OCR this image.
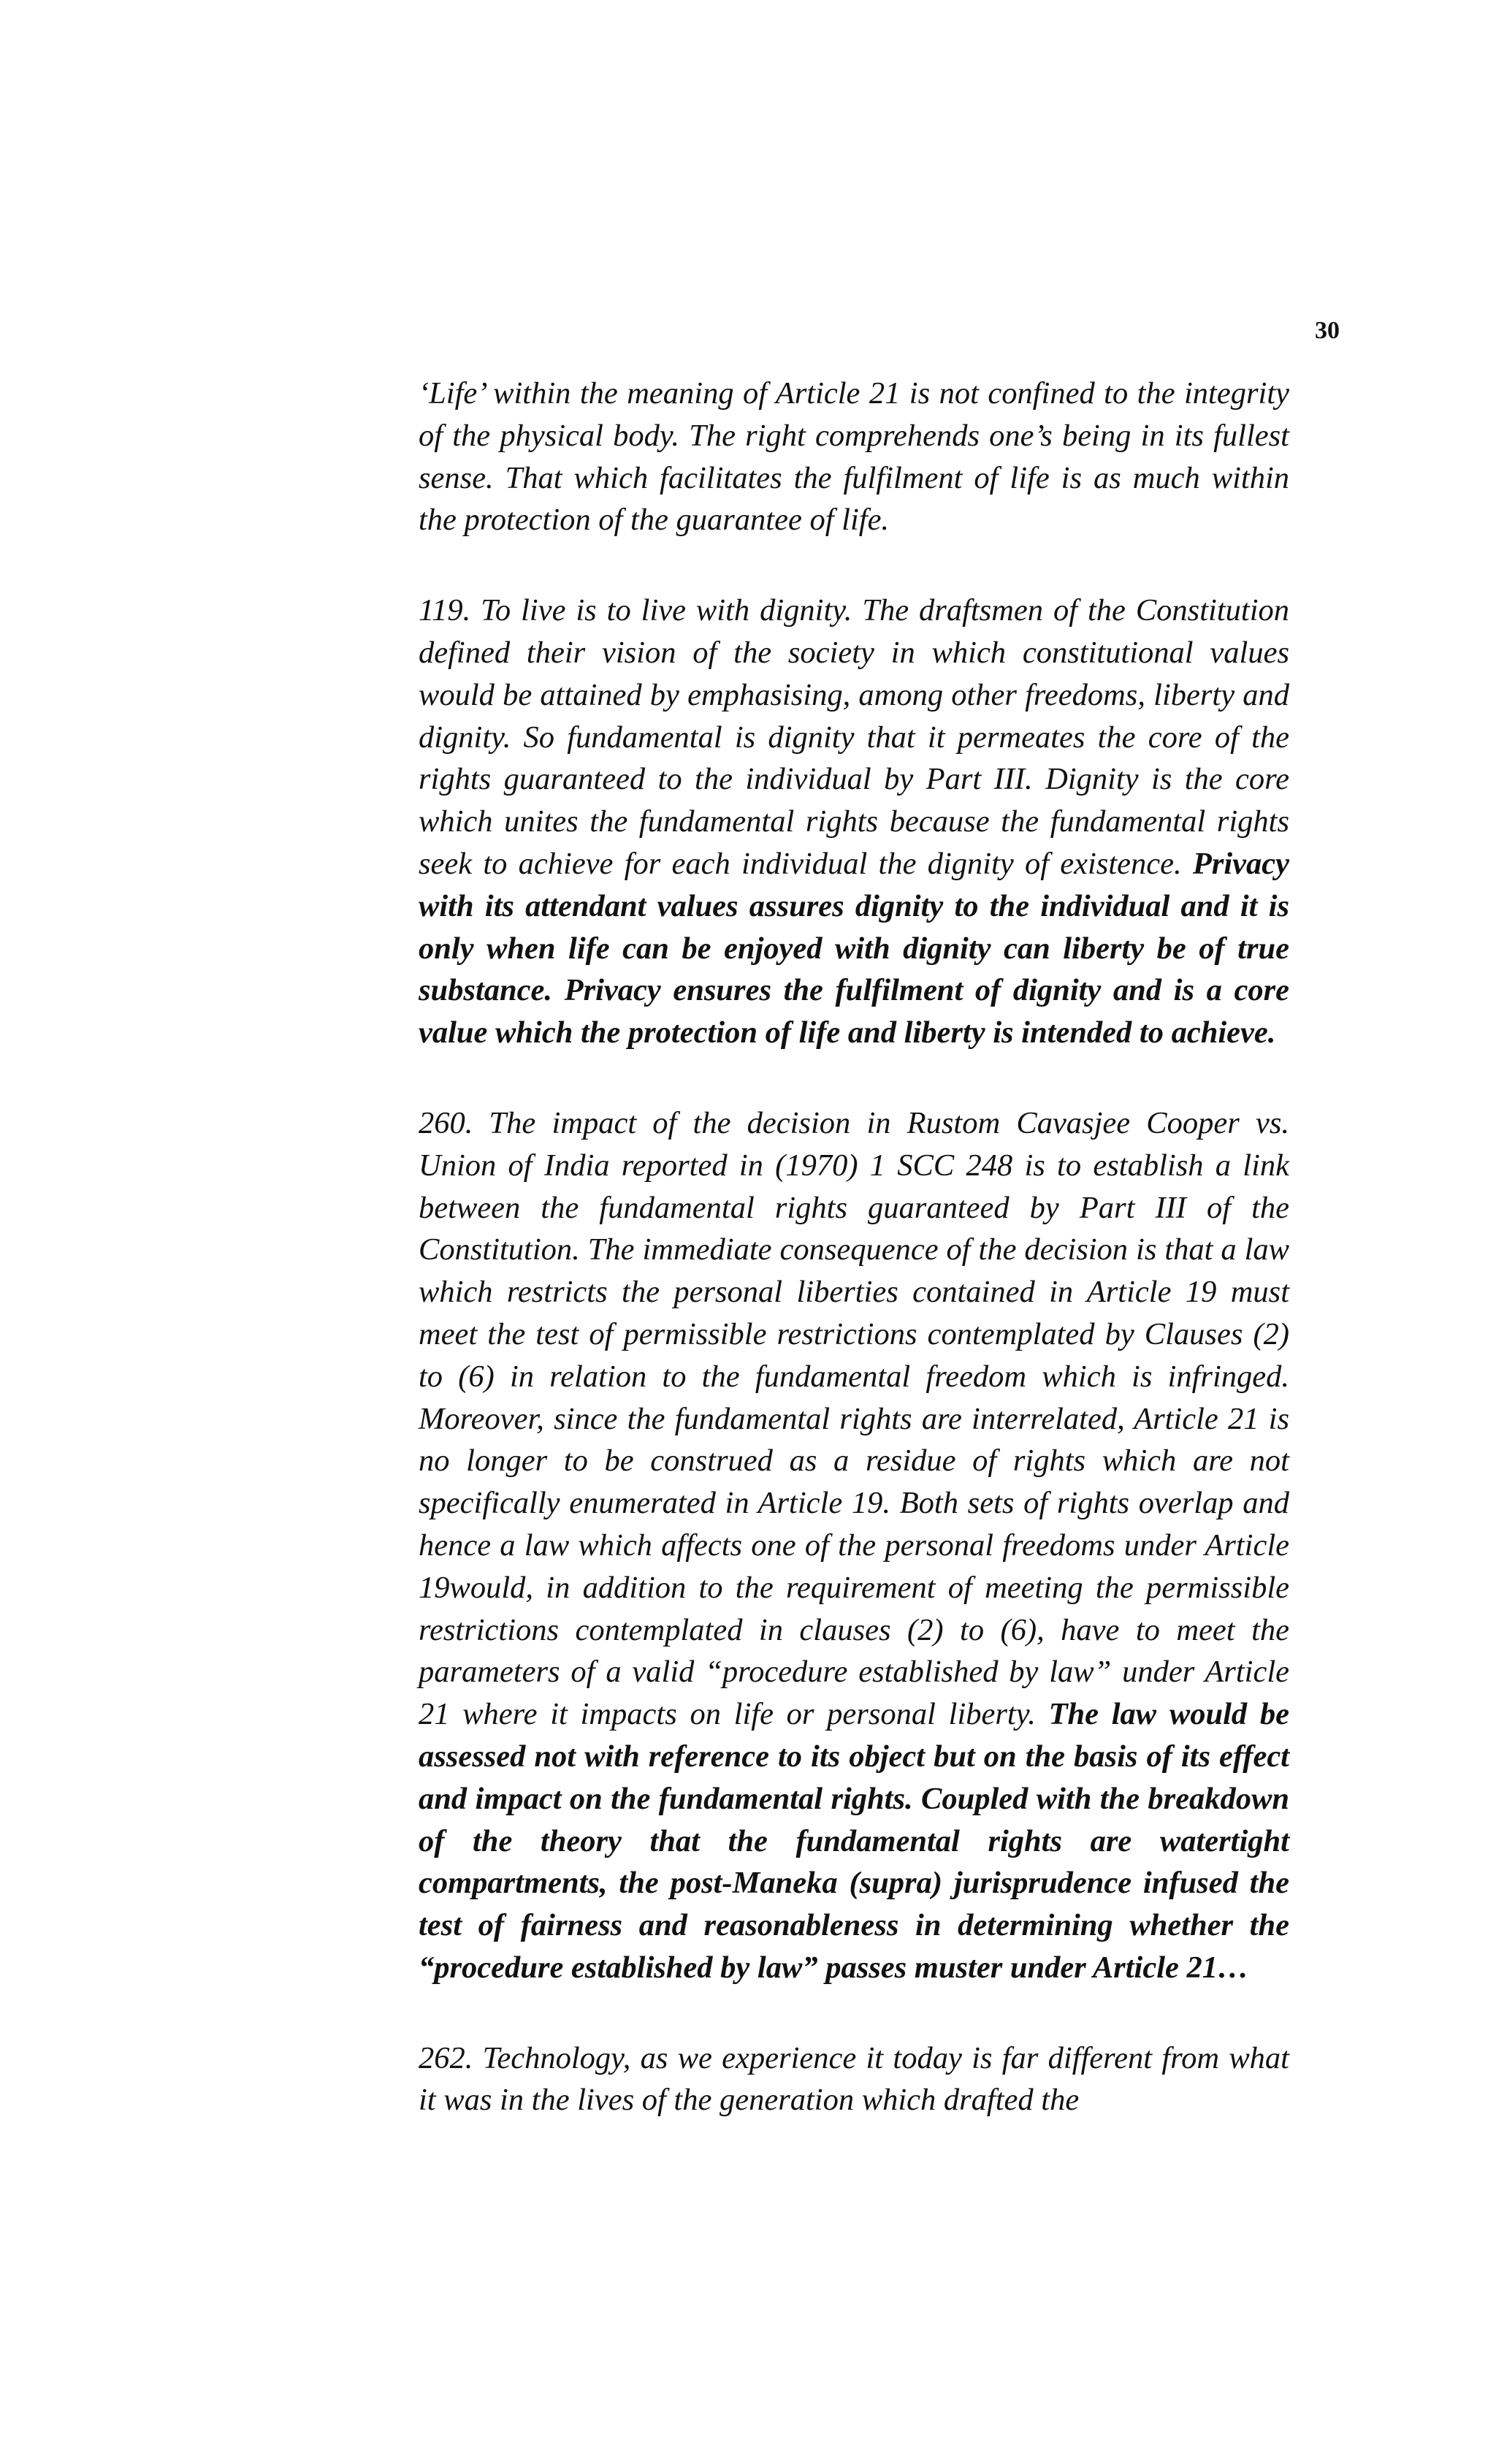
30

‘Life’ within the meaning of Article 21 is not confined to the integrity of the physical body. The right comprehends one’s being in its fullest sense. That which facilitates the fulfilment of life is as much within the protection of the guarantee of life.

119. To live is to live with dignity. The draftsmen of the Constitution defined their vision of the society in which constitutional values would be attained by emphasising, among other freedoms, liberty and dignity. So fundamental is dignity that it permeates the core of the rights guaranteed to the individual by Part III. Dignity is the core which unites the fundamental rights because the fundamental rights seek to achieve for each individual the dignity of existence. Privacy with its attendant values assures dignity to the individual and it is only when life can be enjoyed with dignity can liberty be of true substance. Privacy ensures the fulfilment of dignity and is a core value which the protection of life and liberty is intended to achieve.

260. The impact of the decision in Rustom Cavasjee Cooper vs. Union of India reported in (1970) 1 SCC 248 is to establish a link between the fundamental rights guaranteed by Part III of the Constitution. The immediate consequence of the decision is that a law which restricts the personal liberties contained in Article 19 must meet the test of permissible restrictions contemplated by Clauses (2) to (6) in relation to the fundamental freedom which is infringed. Moreover, since the fundamental rights are interrelated, Article 21 is no longer to be construed as a residue of rights which are not specifically enumerated in Article 19. Both sets of rights overlap and hence a law which affects one of the personal freedoms under Article 19would, in addition to the requirement of meeting the permissible restrictions contemplated in clauses (2) to (6), have to meet the parameters of a valid “procedure established by law” under Article 21 where it impacts on life or personal liberty. The law would be assessed not with reference to its object but on the basis of its effect and impact on the fundamental rights. Coupled with the breakdown of the theory that the fundamental rights are watertight compartments, the post-Maneka (supra) jurisprudence infused the test of fairness and reasonableness in determining whether the “procedure established by law” passes muster under Article 21…

262. Technology, as we experience it today is far different from what it was in the lives of the generation which drafted the
